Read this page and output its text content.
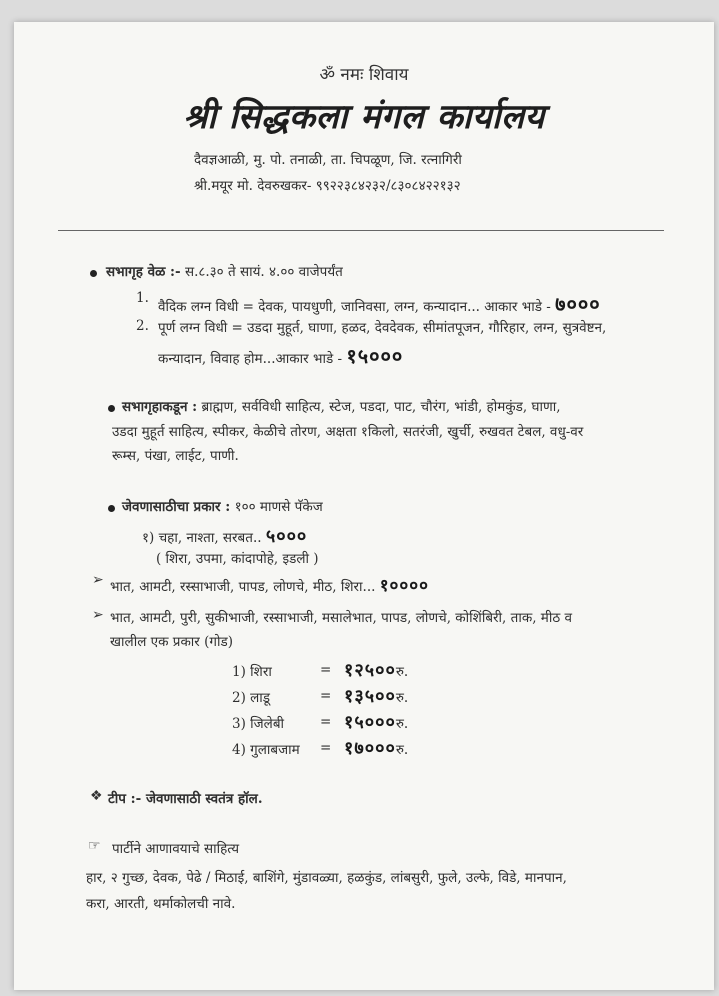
ॐ नमः शिवाय
श्री सिद्धकला मंगल कार्यालय
दैवज्ञआळी, मु. पो. तनाळी, ता. चिपळूण, जि. रत्नागिरी
श्री.मयूर मो. देवरुखकर- ९९२२३८४२३२/८३०८४२२१३२
सभागृह वेळ :- स.८.३० ते सायं. ४.०० वाजेपर्यंत
1.
वैदिक लग्न विधी = देवक, पायधुणी, जानिवसा, लग्न, कन्यादान... आकार भाडे - ७०००
2. पूर्ण लग्न विधी = उडदा मुहूर्त, घाणा, हळद, देवदेवक, सीमांतपूजन, गौरिहार, लग्न, सुत्रवेष्टन,
कन्यादान, विवाह होम...आकार भाडे - १५०००
सभागृहाकडून : ब्राह्मण, सर्वविधी साहित्य, स्टेज, पडदा, पाट, चौरंग, भांडी, होमकुंड, घाणा,
उडदा मुहूर्त साहित्य, स्पीकर, केळीचे तोरण, अक्षता १किलो, सतरंजी, खुर्ची, रुखवत टेबल, वधु-वर
रूम्स, पंखा, लाईट, पाणी.
जेवणासाठीचा प्रकार : १०० माणसे पॅकेज
१) चहा, नाश्ता, सरबत.. ५०००
( शिरा, उपमा, कांदापोहे, इडली )
➢ भात, आमटी, रस्साभाजी, पापड, लोणचे, मीठ, शिरा... १००००
➢ भात, आमटी, पुरी, सुकीभाजी, रस्साभाजी, मसालेभात, पापड, लोणचे, कोशिंबिरी, ताक, मीठ व
खालील एक प्रकार (गोड)
1) शिरा	= १२५००रु.
2) लाडू	= १३५००रु.
3) जिलेबी	= १५०००रु.
4) गुलाबजाम = १७०००रु.
❖ टीप :- जेवणासाठी स्वतंत्र हॉल.
☞ पार्टीने आणावयाचे साहित्य
हार, २ गुच्छ, देवक, पेढे / मिठाई, बाशिंगे, मुंडावळ्या, हळकुंड, लांबसुरी, फुले, उल्फे, विडे, मानपान,
करा, आरती, थर्माकोलची नावे.
